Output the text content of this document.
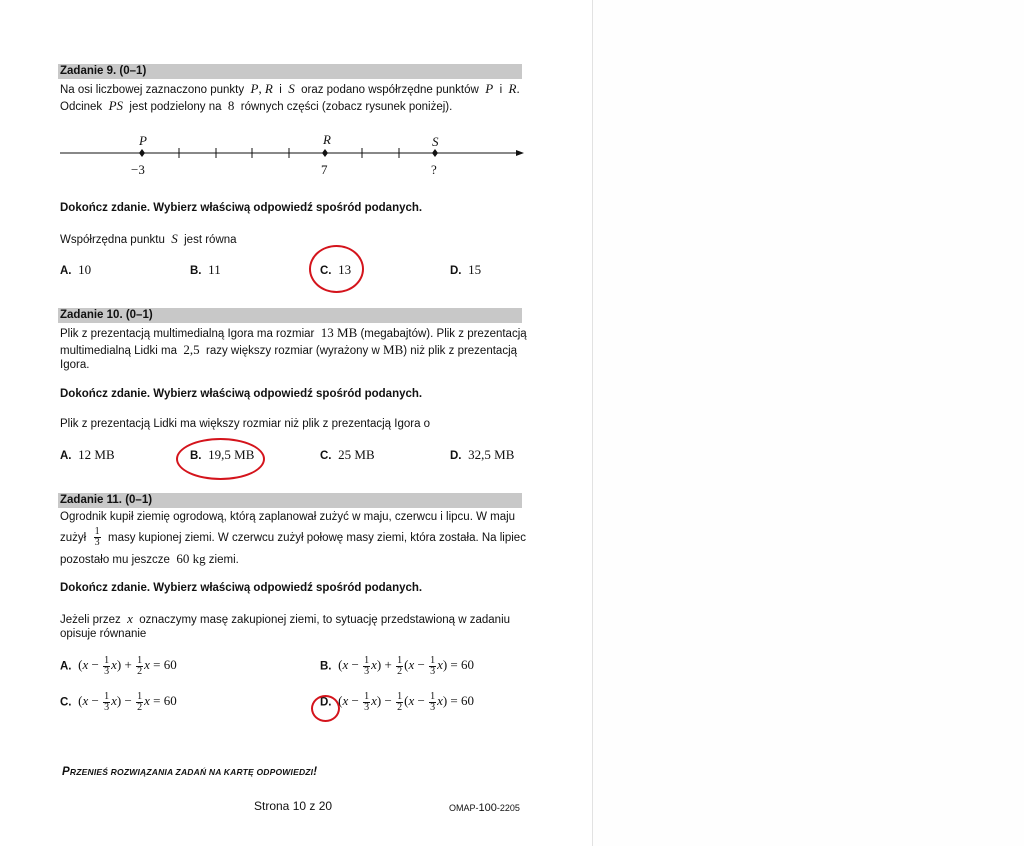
Zadanie 9. (0–1)
Na osi liczbowej zaznaczono punkty P, R i S oraz podano współrzędne punktów P i R.
Odcinek PS jest podzielony na 8 równych części (zobacz rysunek poniżej).
P	R	S
−3	7	?
Dokończ zdanie. Wybierz właściwą odpowiedź spośród podanych.
Współrzędna punktu S jest równa
A. 10	B. 11	C. 13	D. 15
Zadanie 10. (0–1)
Plik z prezentacją multimedialną Igora ma rozmiar 13 MB (megabajtów). Plik z prezentacją
multimedialną Lidki ma 2,5 razy większy rozmiar (wyrażony w MB) niż plik z prezentacją
Igora.
Dokończ zdanie. Wybierz właściwą odpowiedź spośród podanych.
Plik z prezentacją Lidki ma większy rozmiar niż plik z prezentacją Igora o
A. 12 MB	B. 19,5 MB	C. 25 MB	D. 32,5 MB
Zadanie 11. (0–1)
Ogrodnik kupił ziemię ogrodową, którą zaplanował zużyć w maju, czerwcu i lipcu. W maju
zużył $\frac{1}{3}$ masy kupionej ziemi. W czerwcu zużył połowę masy ziemi, która została. Na lipiec
pozostało mu jeszcze 60 kg ziemi.
Dokończ zdanie. Wybierz właściwą odpowiedź spośród podanych.
Jeżeli przez x oznaczymy masę zakupionej ziemi, to sytuację przedstawioną w zadaniu
opisuje równanie
A. $(x - \frac{1}{3} x) + \frac{1}{2}$ x = 60	B. $(x - \frac{1}{3} x) + \frac{1}{2} (x - \frac{1}{3} x) = 60$
C. $(x - \frac{1}{3} x) - \frac{1}{2}$ x = 60	D. $(x - \frac{1}{3} x) - \frac{1}{2} (x - \frac{1}{3} x) = 60$
PRZENIEŚ ROZWIĄZANIA ZADAŃ NA KARTĘ ODPOWIEDZI!
Strona 10 z 20	OMAP-100-2205
